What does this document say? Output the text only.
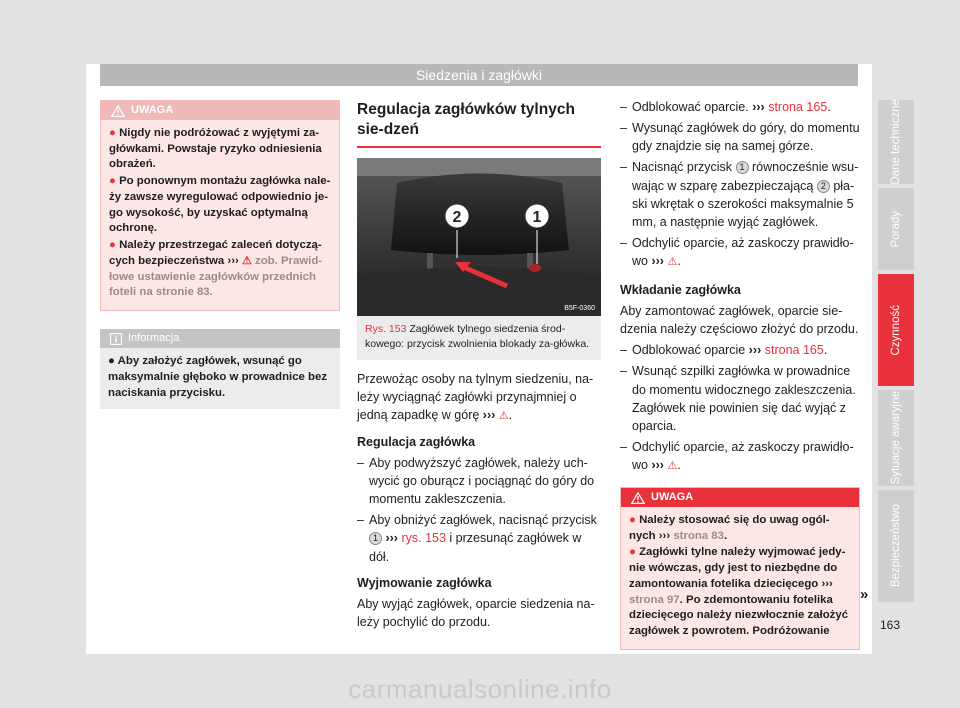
Siedzenia i zagłówki
UWAGA

● Nigdy nie podróżować z wyjętymi za-główkami. Powstaje ryzyko odniesienia obrażeń.

● Po ponownym montażu zagłówka nale-ży zawsze wyregulować odpowiednio je-go wysokość, by uzyskać optymalną ochronę.

● Należy przestrzegać zaleceń dotyczą-cych bezpieczeństwa ››› ⚠ zob. Prawid-łowe ustawienie zagłówków przednich foteli na stronie 83.

Informacja

● Aby założyć zagłówek, wsunąć go maksymalnie głęboko w prowadnice bez naciskania przycisku.

Regulacja zagłówków tylnych sie-dzeń
2	1
B5F-0360
Rys. 153 Zagłówek tylnego siedzenia środ-kowego: przycisk zwolnienia blokady za-główka.

Przewożąc osoby na tylnym siedzeniu, na-leży wyciągnąć zagłówki przynajmniej o jedną zapadkę w górę ››› ⚠.

Regulacja zagłówka

– Aby podwyższyć zagłówek, należy uch-wycić go oburącz i pociągnąć do góry do momentu zakleszczenia.

– Aby obniżyć zagłówek, nacisnąć przycisk 1 ››› rys. 153 i przesunąć zagłówek w dół.

Wyjmowanie zagłówka

Aby wyjąć zagłówek, oparcie siedzenia na-leży pochylić do przodu.

– Odblokować oparcie. ››› strona 165.

– Wysunąć zagłówek do góry, do momentu gdy znajdzie się na samej górze.

– Nacisnąć przycisk 1 równocześnie wsu-wając w szparę zabezpieczającą 2 pła-ski wkrętak o szerokości maksymalnie 5 mm, a następnie wyjąć zagłówek.

– Odchylić oparcie, aż zaskoczy prawidło-wo ››› ⚠.

Wkładanie zagłówka

Aby zamontować zagłówek, oparcie sie-dzenia należy częściowo złożyć do przodu.

– Odblokować oparcie ››› strona 165.

– Wsunąć szpilki zagłówka w prowadnice do momentu widocznego zakleszczenia. Zagłówek nie powinien się dać wyjąć z oparcia.

– Odchylić oparcie, aż zaskoczy prawidło-wo ››› ⚠.

UWAGA

● Należy stosować się do uwag ogól-nych ››› strona 83.

● Zagłówki tylne należy wyjmować jedy-nie wówczas, gdy jest to niezbędne do zamontowania fotelika dziecięcego ››› strona 97. Po zdemontowaniu fotelika dziecięcego należy niezwłocznie założyć zagłówek z powrotem. Podróżowanie

Dane techniczne
Porady
Czynność
Sytuacje awaryjne
Bezpieczeństwo
»
163
carmanualsonline.info
